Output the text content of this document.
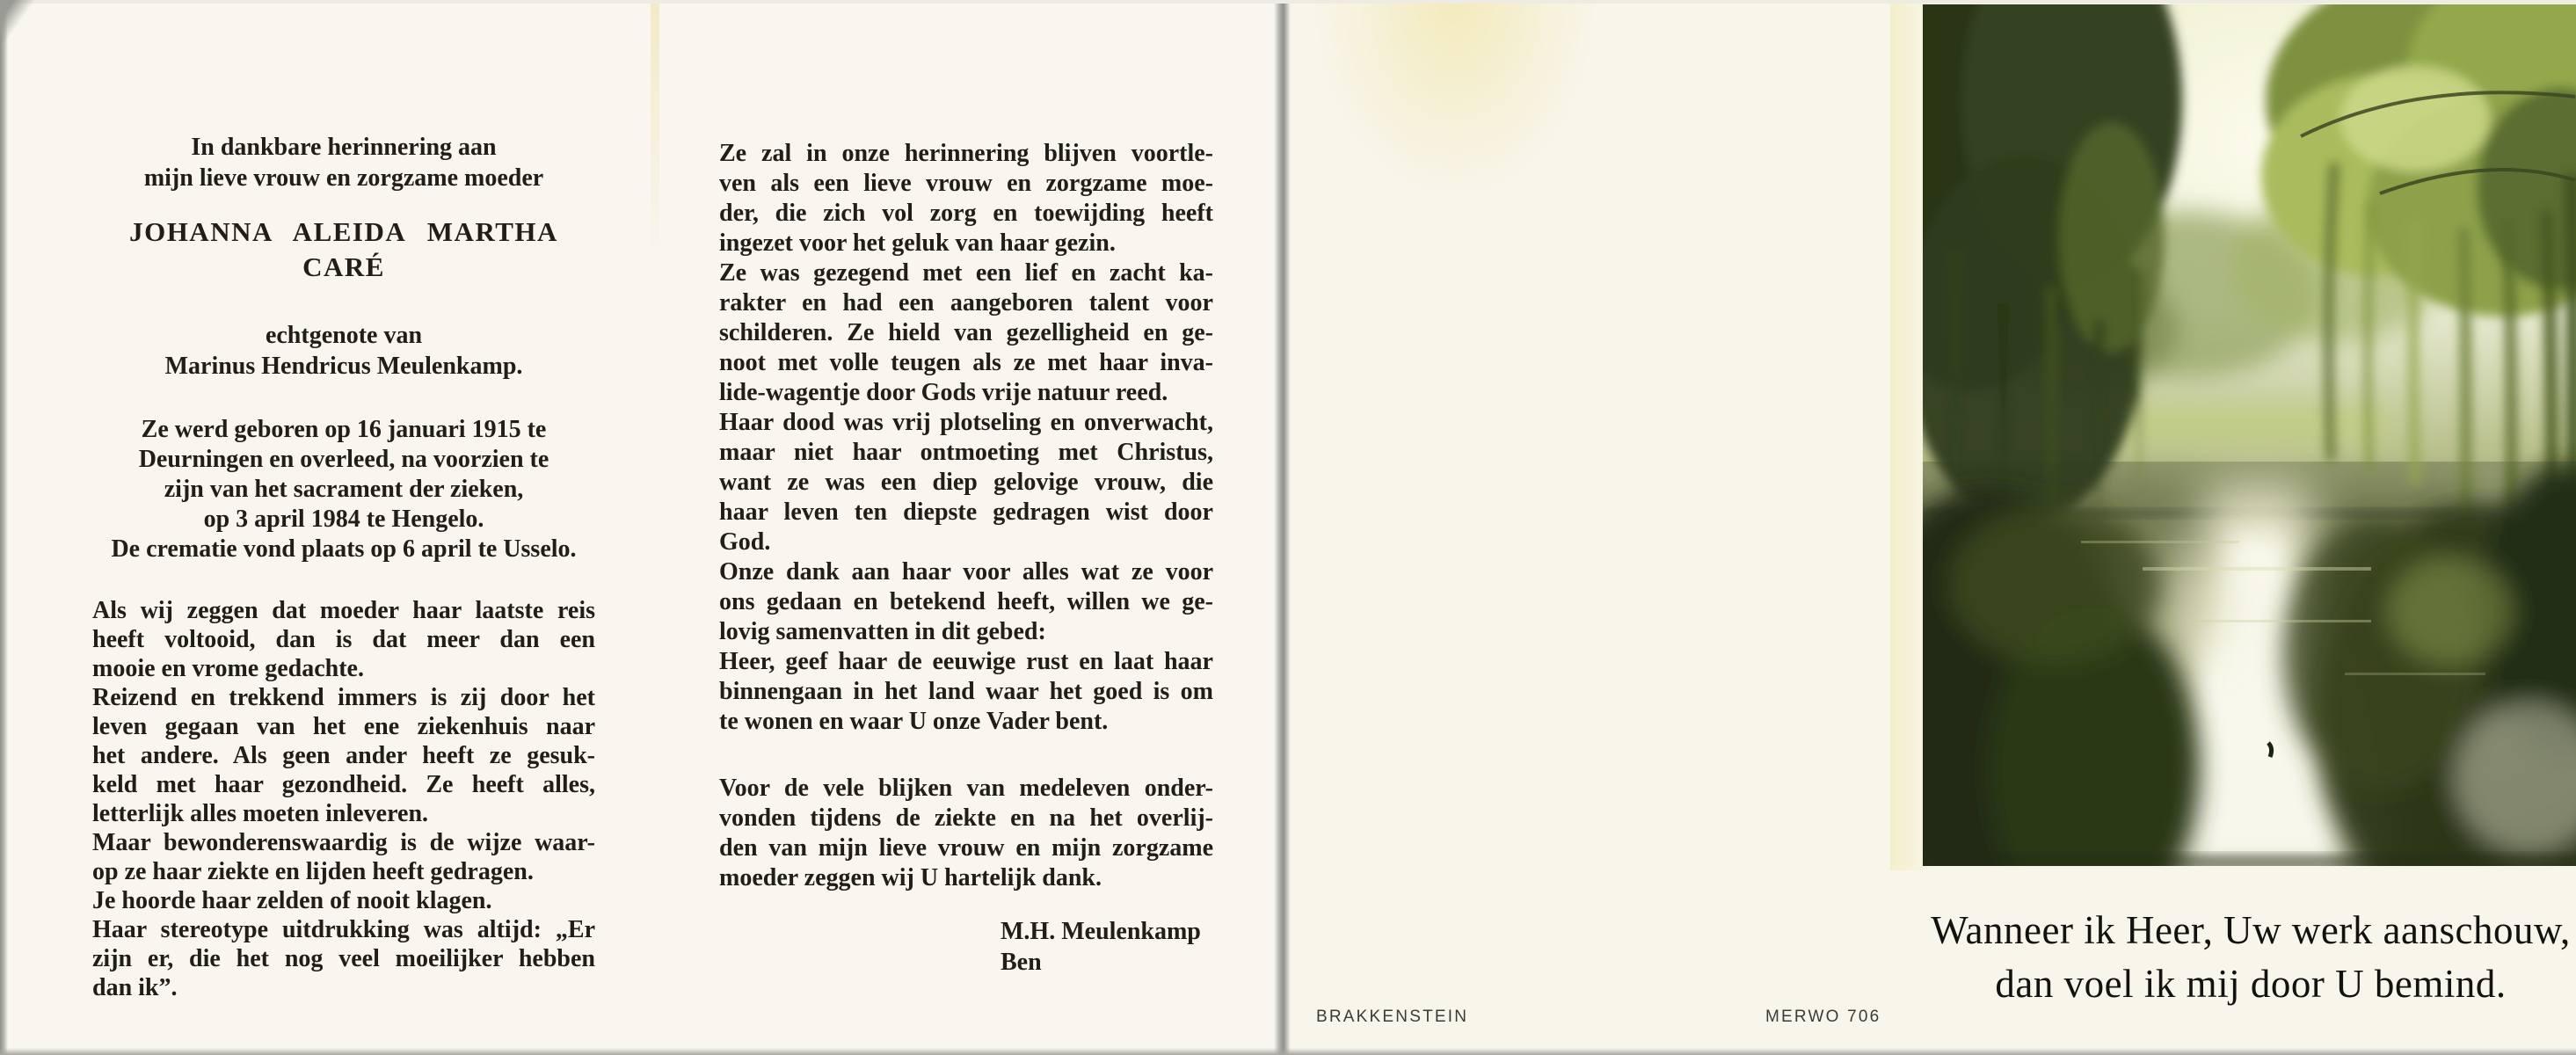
In dankbare herinnering aan
mijn lieve vrouw en zorgzame moeder
JOHANNA ALEIDA MARTHA CARÉ
echtgenote van
Marinus Hendricus Meulenkamp.
Ze werd geboren op 16 januari 1915 te
Deurningen en overleed, na voorzien te
zijn van het sacrament der zieken,
op 3 april 1984 te Hengelo.
De crematie vond plaats op 6 april te Usselo.

Als wij zeggen dat moeder haar laatste reis
heeft voltooid, dan is dat meer dan een
mooie en vrome gedachte.

Reizend en trekkend immers is zij door het
leven gegaan van het ene ziekenhuis naar
het andere. Als geen ander heeft ze gesuk-
keld met haar gezondheid. Ze heeft alles,
letterlijk alles moeten inleveren.

Maar bewonderenswaardig is de wijze waar-
op ze haar ziekte en lijden heeft gedragen.

Je hoorde haar zelden of nooit klagen.

Haar stereotype uitdrukking was altijd: „Er
zijn er, die het nog veel moeilijker hebben
dan ik”.

Ze zal in onze herinnering blijven voortle-
ven als een lieve vrouw en zorgzame moe-
der, die zich vol zorg en toewijding heeft
ingezet voor het geluk van haar gezin.

Ze was gezegend met een lief en zacht ka-
rakter en had een aangeboren talent voor
schilderen. Ze hield van gezelligheid en ge-
noot met volle teugen als ze met haar inva-
lide-wagentje door Gods vrije natuur reed.

Haar dood was vrij plotseling en onverwacht,
maar niet haar ontmoeting met Christus,
want ze was een diep gelovige vrouw, die
haar leven ten diepste gedragen wist door
God.

Onze dank aan haar voor alles wat ze voor
ons gedaan en betekend heeft, willen we ge-
lovig samenvatten in dit gebed:

Heer, geef haar de eeuwige rust en laat haar
binnengaan in het land waar het goed is om
te wonen en waar U onze Vader bent.

Voor de vele blijken van medeleven onder-
vonden tijdens de ziekte en na het overlij-
den van mijn lieve vrouw en mijn zorgzame
moeder zeggen wij U hartelijk dank.

M.H. Meulenkamp
Ben
BRAKKENSTEIN	MERWO 706
Wanneer ik Heer, Uw werk aanschouw,
dan voel ik mij door U bemind.
